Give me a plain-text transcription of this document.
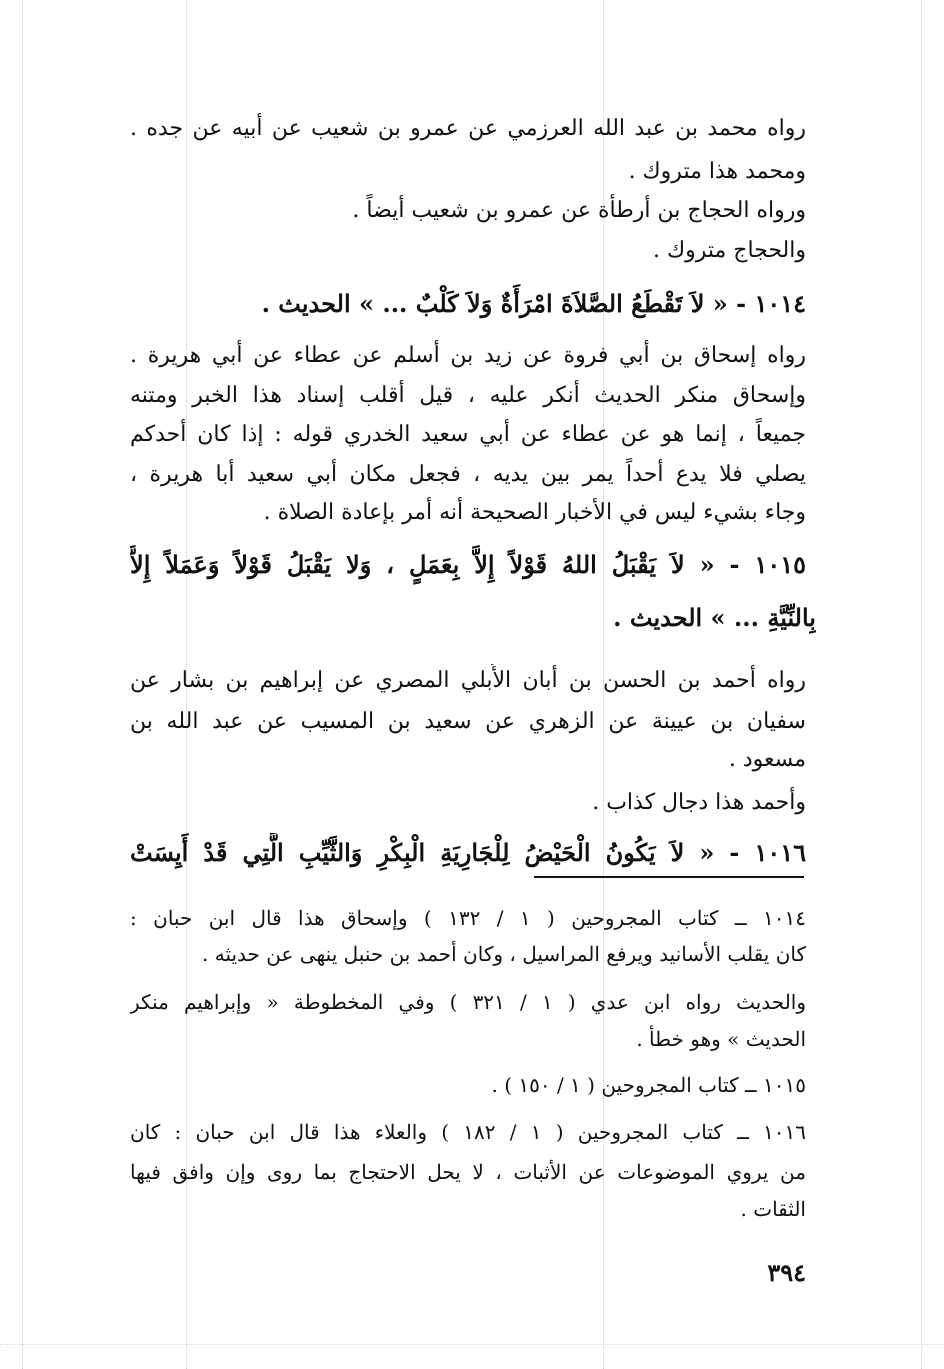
رواه محمد بن عبد الله العرزمي عن عمرو بن شعيب عن أبيه عن جده .
ومحمد هذا متروك .
ورواه الحجاج بن أرطأة عن عمرو بن شعيب أيضاً .
والحجاج متروك .
١٠١٤ - « لاَ تَقْطَعُ الصَّلاَةَ امْرَأَةٌ وَلاَ كَلْبٌ ... » الحديث .
رواه إسحاق بن أبي فروة عن زيد بن أسلم عن عطاء عن أبي هريرة .
وإسحاق منكر الحديث أنكر عليه ، قيل أقلب إسناد هذا الخبر ومتنه
جميعاً ، إنما هو عن عطاء عن أبي سعيد الخدري قوله : إذا كان أحدكم
يصلي فلا يدع أحداً يمر بين يديه ، فجعل مكان أبي سعيد أبا هريرة ،
وجاء بشيء ليس في الأخبار الصحيحة أنه أمر بإعادة الصلاة .
١٠١٥ - « لاَ يَقْبَلُ اللهُ قَوْلاً إِلاَّ بِعَمَلٍ ، وَلا يَقْبَلُ قَوْلاً وَعَمَلاً إِلاَّ
بِالنِّيَّةِ ... » الحديث .
رواه أحمد بن الحسن بن أبان الأُبلي المصري عن إبراهيم بن بشار عن
سفيان بن عيينة عن الزهري عن سعيد بن المسيب عن عبد الله بن
مسعود .
وأحمد هذا دجال كذاب .
١٠١٦ - « لاَ يَكُونُ الْحَيْضُ لِلْجَارِيَةِ الْبِكْرِ وَالثَّيِّبِ الَّتِي قَدْ أَيِسَتْ
١٠١٤ ــ كتاب المجروحين ( ١ / ١٣٢ ) وإسحاق هذا قال ابن حبان :
كان يقلب الأسانيد ويرفع المراسيل ، وكان أحمد بن حنبل ينهى عن حديثه .
والحديث رواه ابن عدي ( ١ / ٣٢١ ) وفي المخطوطة « وإبراهيم منكر
الحديث » وهو خطأ .
١٠١٥ ــ كتاب المجروحين ( ١ / ١٥٠ ) .
١٠١٦ ــ كتاب المجروحين ( ١ / ١٨٢ ) والعلاء هذا قال ابن حبان : كان
من يروي الموضوعات عن الأثبات ، لا يحل الاحتجاج بما روى وإن وافق فيها
الثقات .
٣٩٤
